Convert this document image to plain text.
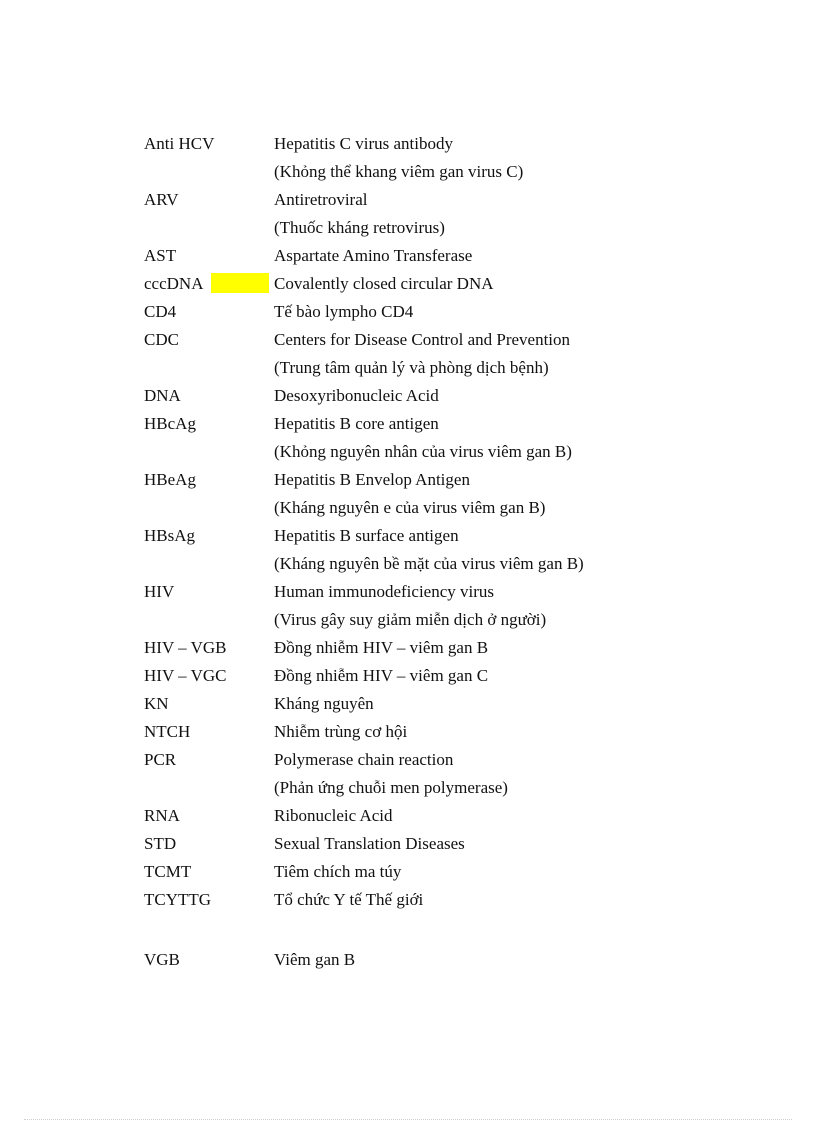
Anti HCV	Hepatitis C virus antibody
(Khỏng thể khang viêm gan virus C)
ARV	Antiretroviral
(Thuốc kháng retrovirus)
AST	Aspartate Amino Transferase
cccDNA	Covalently closed circular DNA
CD4	Tế bào lympho CD4
CDC	Centers for Disease Control and Prevention
(Trung tâm quản lý và phòng dịch bệnh)
DNA	Desoxyribonucleic Acid
HBcAg	Hepatitis B core antigen
(Khỏng nguyên nhân của virus viêm gan B)
HBeAg	Hepatitis B Envelop Antigen
(Kháng nguyên e của virus viêm gan B)
HBsAg	Hepatitis B surface antigen
(Kháng nguyên bề mặt của virus viêm gan B)
HIV	Human immunodeficiency virus
(Virus gây suy giảm miễn dịch ở người)
HIV – VGB	Đồng nhiễm HIV – viêm gan B
HIV – VGC	Đồng nhiễm HIV – viêm gan C
KN	Kháng nguyên
NTCH	Nhiễm trùng cơ hội
PCR	Polymerase chain reaction
(Phản ứng chuỗi men polymerase)
RNA	Ribonucleic Acid
STD	Sexual Translation Diseases
TCMT	Tiêm chích ma túy
TCYTTG	Tổ chức Y tế Thế giới
VGB	Viêm gan B
